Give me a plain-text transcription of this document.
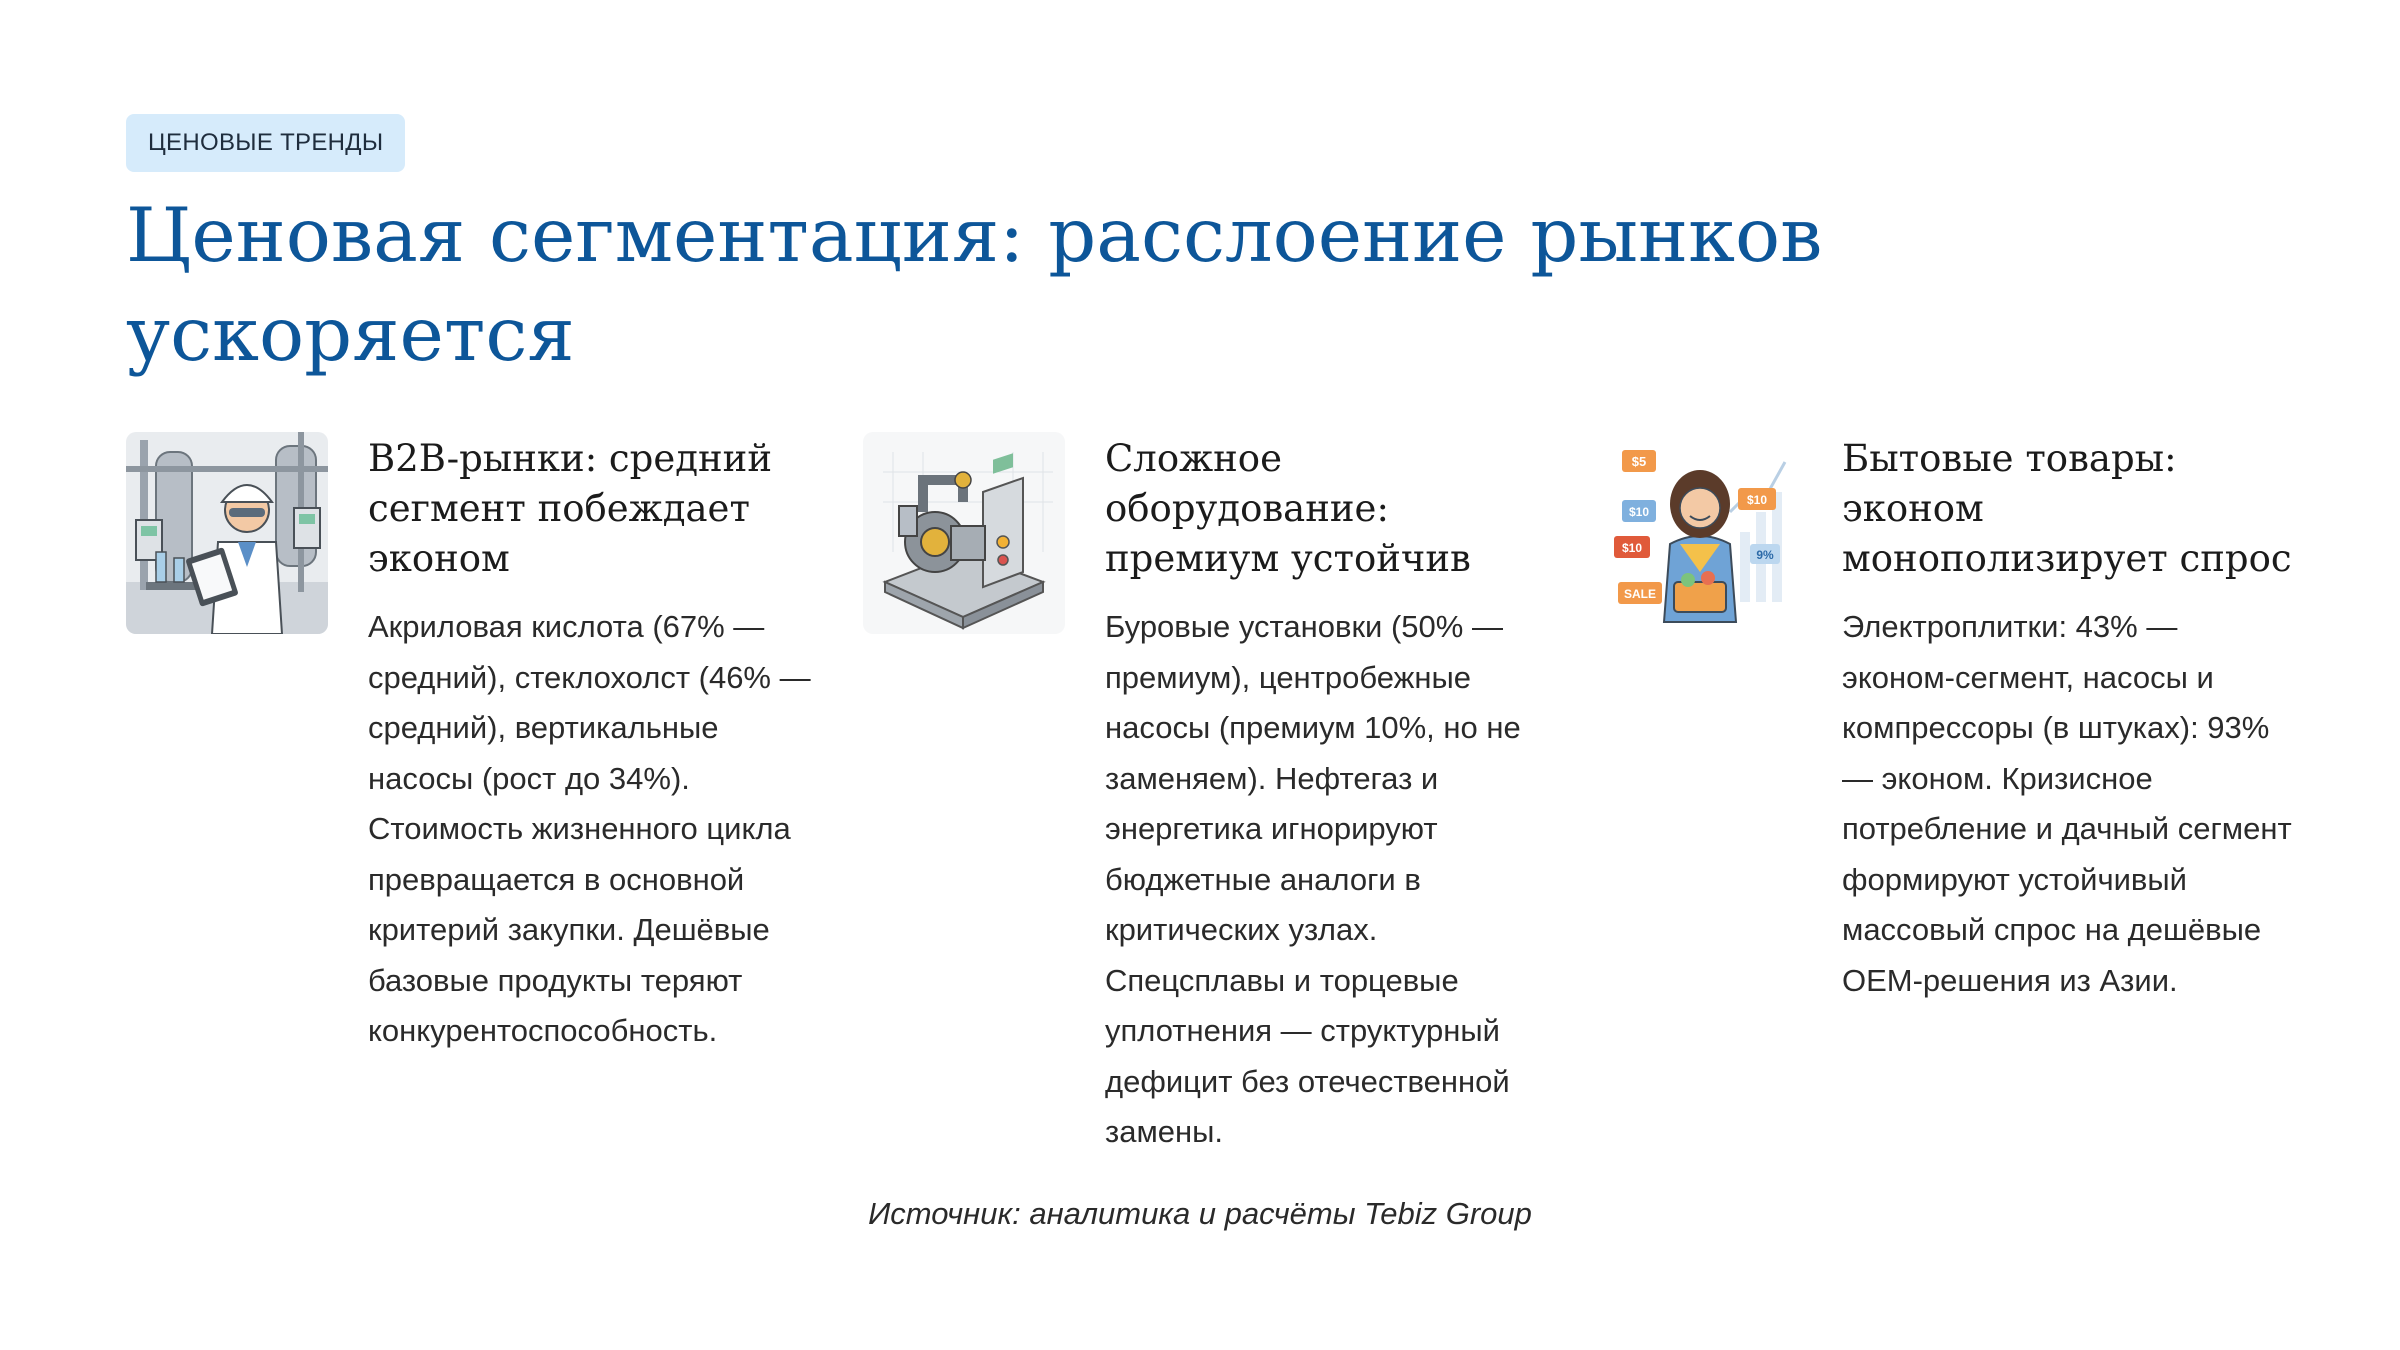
ЦЕНОВЫЕ ТРЕНДЫ
Ценовая сегментация: расслоение рынков ускоряется
B2B-рынки: средний сегмент побеждает эконом

Акриловая кислота (67% — средний), стеклохолст (46% — средний), вертикальные насосы (рост до 34%). Стоимость жизненного цикла превращается в основной критерий закупки. Дешёвые базовые продукты теряют конкурентоспособность.

Сложное оборудование: премиум устойчив

Буровые установки (50% — премиум), центробежные насосы (премиум 10%, но не заменяем). Нефтегаз и энергетика игнорируют бюджетные аналоги в критических узлах. Спецсплавы и торцевые уплотнения — структурный дефицит без отечественной замены.

$5
$10
$10
$10	9%
SALE
Бытовые товары: эконом монополизирует спрос

Электроплитки: 43% — эконом-сегмент, насосы и компрессоры (в штуках): 93% — эконом. Кризисное потребление и дачный сегмент формируют устойчивый массовый спрос на дешёвые OEM-решения из Азии.

Источник: аналитика и расчёты Tebiz Group
